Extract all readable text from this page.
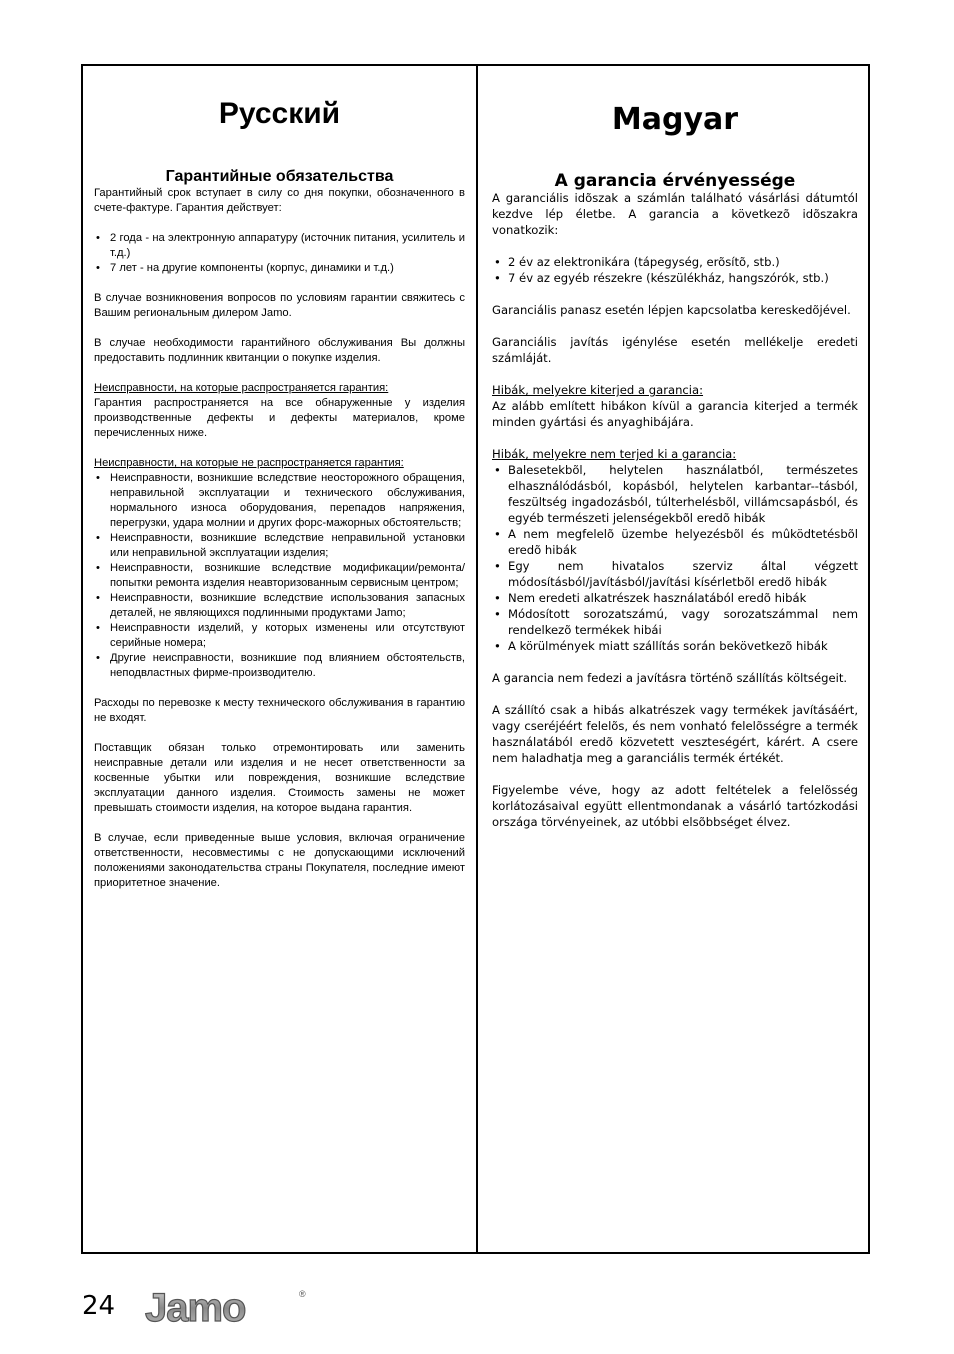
Русский
Гарантийные обязательства

Гарантийный срок вступает в силу со дня покупки, обозначенного в счете-фактуре. Гарантия действует:

• 2 года - на электронную аппаратуру (источник питания, усилитель и т.д.)
• 7 лет - на другие компоненты (корпус, динамики и т.д.)

В случае возникновения вопросов по условиям гарантии свяжитесь с Вашим региональным дилером Jamo.

В случае необходимости гарантийного обслуживания Вы должны предоставить подлинник квитанции о покупке изделия.

Неисправности, на которые распространяется гарантия:
Гарантия распространяется на все обнаруженные у изделия производственные дефекты и дефекты материалов, кроме перечисленных ниже.

Неисправности, на которые не распространяется гарантия:
• Неисправности, возникшие вследствие неосторожного обращения, неправильной эксплуатации и технического обслуживания, нормального износа оборудования, перепадов напряжения, перегрузки, удара молнии и других форс-мажорных обстоятельств;
• Неисправности, возникшие вследствие неправильной установки или неправильной эксплуатации изделия;
• Неисправности, возникшие вследствие модификации/ремонта/попытки ремонта изделия неавторизованным сервисным центром;
• Неисправности, возникшие вследствие использования запасных деталей, не являющихся подлинными продуктами Jamo;
• Неисправности изделий, у которых изменены или отсутствуют серийные номера;
• Другие неисправности, возникшие под влиянием обстоятельств, неподвластных фирме-производителю.

Расходы по перевозке к месту технического обслуживания в гарантию не входят.

Поставщик обязан только отремонтировать или заменить неисправные детали или изделия и не несет ответственности за косвенные убытки или повреждения, возникшие вследствие эксплуатации данного изделия. Стоимость замены не может превышать стоимости изделия, на которое выдана гарантия.

В случае, если приведенные выше условия, включая ограничение ответственности, несовместимы с не допускающими исключений положениями законодательства страны Покупателя, последние имеют приоритетное значение.

Magyar
A garancia érvényessége

A garanciális idõszak a számlán található vásárlási dátumtól kezdve lép életbe. A garancia a következõ idõszakra vonatkozik:

• 2 év az elektronikára (tápegység, erõsítõ, stb.)
• 7 év az egyéb részekre (készülékház, hangszórók, stb.)

Garanciális panasz esetén lépjen kapcsolatba kereskedõjével.

Garanciális javítás igénylése esetén mellékelje eredeti számláját.

Hibák, melyekre kiterjed a garancia:
Az alább említett hibákon kívül a garancia kiterjed a termék minden gyártási és anyaghibájára.

Hibák, melyekre nem terjed ki a garancia:
• Balesetekbõl, helytelen használatból, természetes elhasználódásból, kopásból, helytelen karbantar--tásból, feszültség ingadozásból, túlterhelésbõl, villámcsapásból, és egyéb természeti jelenségekbõl eredõ hibák
• A nem megfelelõ üzembe helyezésbõl és mûködtetésbõl eredõ hibák
• Egy nem hivatalos szerviz által végzett módosításból/javításból/javítási kísérletbõl eredõ hibák
• Nem eredeti alkatrészek használatából eredõ hibák
• Módosított sorozatszámú, vagy sorozatszámmal nem rendelkezõ termékek hibái
• A körülmények miatt szállítás során bekövetkezõ hibák

A garancia nem fedezi a javításra történõ szállítás költségeit.

A szállító csak a hibás alkatrészek vagy termékek javításáért, vagy cseréjéért felelõs, és nem vonható felelõsségre a termék használatából eredõ közvetett veszteségért, kárért. A csere nem haladhatja meg a garanciális termék értékét.

Figyelembe véve, hogy az adott feltételek a felelõsség korlátozásaival együtt ellentmondanak a vásárló tartózkodási országa törvényeinek, az utóbbi elsõbbséget élvez.

24 Jamo	®
